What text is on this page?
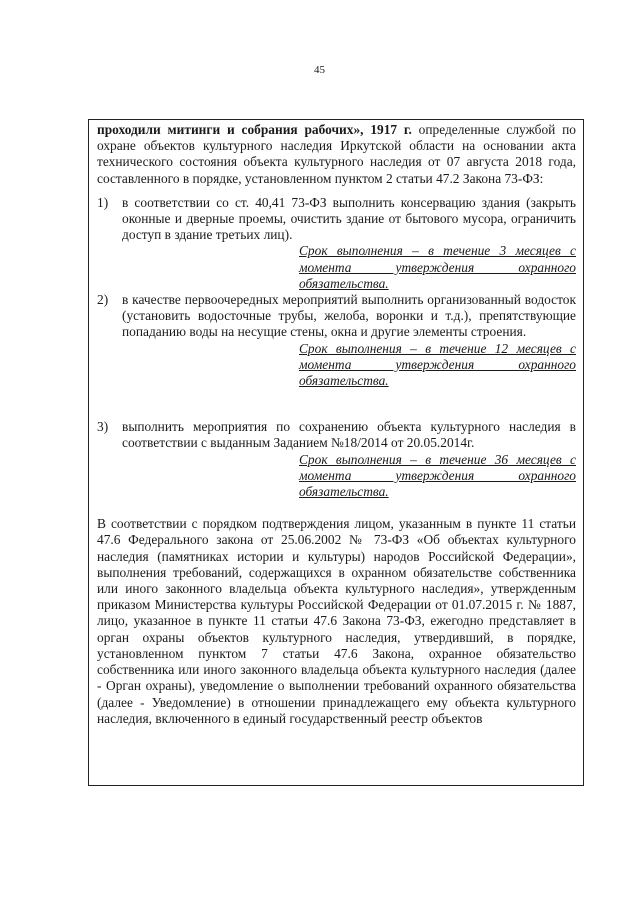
45

проходили митинги и собрания рабочих», 1917 г. определенные службой по охране объектов культурного наследия Иркутской области на основании акта технического состояния объекта культурного наследия от 07 августа 2018 года, составленного в порядке, установленном пунктом 2 статьи 47.2 Закона 73-ФЗ:

1)	в соответствии со ст. 40,41 73-ФЗ выполнить консервацию здания (закрыть оконные и дверные проемы, очистить здание от бытового мусора, ограничить доступ в здание третьих лиц).
Срок выполнения – в течение 3 месяцев с момента утверждения охранного обязательства.
2)	в качестве первоочередных мероприятий выполнить организованный водосток (установить водосточные трубы, желоба, воронки и т.д.), препятствующие попаданию воды на несущие стены, окна и другие элементы строения.
Срок выполнения – в течение 12 месяцев с момента утверждения охранного обязательства.
3)	выполнить мероприятия по сохранению объекта культурного наследия в соответствии с выданным Заданием №18/2014 от 20.05.2014г.
Срок выполнения – в течение 36 месяцев с момента утверждения охранного обязательства.

В соответствии с порядком подтверждения лицом, указанным в пункте 11 статьи 47.6 Федерального закона от 25.06.2002 № 73-ФЗ «Об объектах культурного наследия (памятниках истории и культуры) народов Российской Федерации», выполнения требований, содержащихся в охранном обязательстве собственника или иного законного владельца объекта культурного наследия», утвержденным приказом Министерства культуры Российской Федерации от 01.07.2015 г. № 1887, лицо, указанное в пункте 11 статьи 47.6 Закона 73-ФЗ, ежегодно представляет в орган охраны объектов культурного наследия, утвердивший, в порядке, установленном пунктом 7 статьи 47.6 Закона, охранное обязательство собственника или иного законного владельца объекта культурного наследия (далее - Орган охраны), уведомление о выполнении требований охранного обязательства (далее - Уведомление) в отношении принадлежащего ему объекта культурного наследия, включенного в единый государственный реестр объектов
